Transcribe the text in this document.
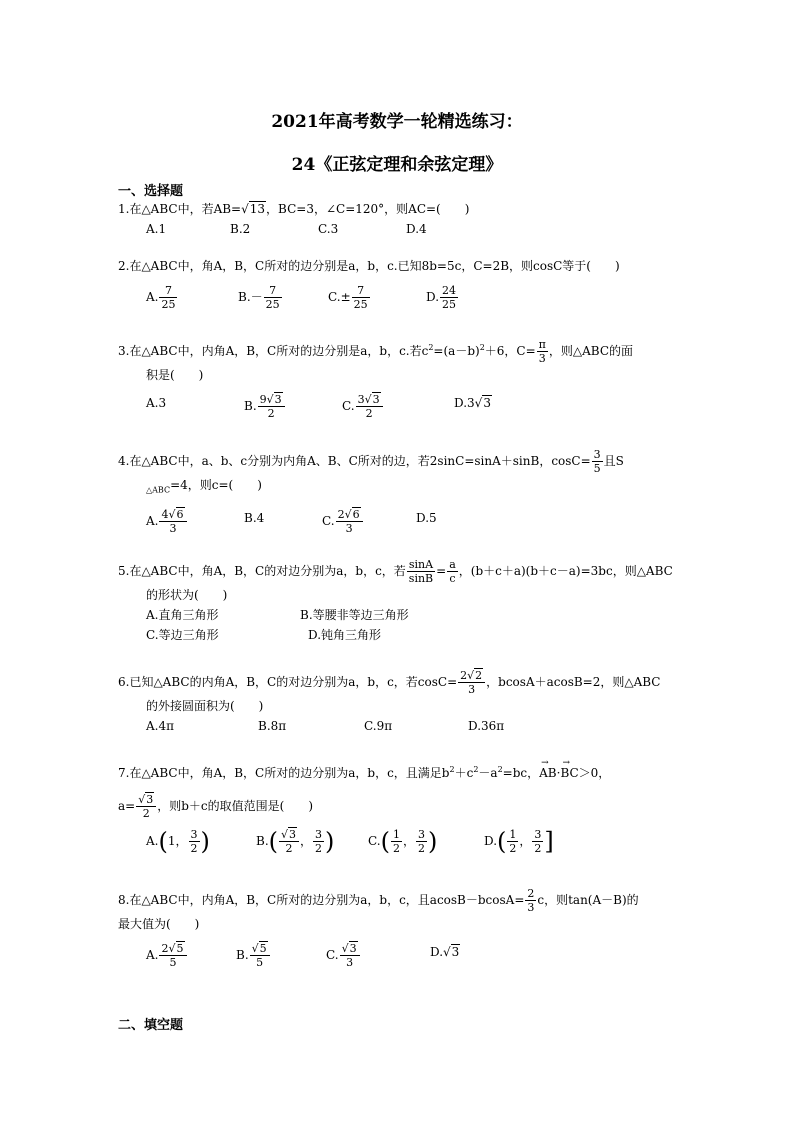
2021年高考数学一轮精选练习：
24《正弦定理和余弦定理》
一、选择题
1.在△ABC中，若AB=√13，BC=3，∠C=120°，则AC=(　　)
A.1	B.2	C.3	D.4
2.在△ABC中，角A，B，C所对的边分别是a，b，c.已知8b=5c，C=2B，则cosC等于(　　)
A. $\frac{7}{25}$	$B.- \frac{7}{25}$	$C.\pm \frac{7}{25}$	D. $\frac{24}{25}$
3.在△ABC中，内角A，B，C所对的边分别是a，b，c.若$c^2=(a-b)^2+6$，$C= \frac{\pi}{3}$ ，则△ABC的面
积是(　　)
A.3	B. $\frac{9√3}{2}$	C. $\frac{3√3}{2}$	D.3√3
4.在△ABC中，a、b、c分别为内角A、B、C所对的边，若2sinC=sinA＋sinB，$\cos C= \frac{3}{5}$ 且S
$_{\triangle ABC}$=4，则c=(　　)
A. $\frac{4√6}{3}$	B.4	C. $\frac{2√6}{3}$	D.5
5.在△ABC中，角A，B，C的对边分别为a，b，c，若 $\frac{\sin A}{\sin B} = \frac{a}{c}$ ，(b＋c＋a)(b＋c－a)=3bc，则△ABC
的形状为(　　)
A.直角三角形	B.等腰非等边三角形
C.等边三角形	D.钝角三角形
6.已知△ABC的内角A，B，C的对边分别为a，b，c，若$\cos C= \frac{2√2}{3}$ ，bcosA＋acosB=2，则△ABC
的外接圆面积为(　　)
A.4π	B.8π	C.9π	D.36π
7.在△ABC中，角A，B，C所对的边分别为a，b，c，且满足$b^2+c^2-a^2=bc$，→ AB·→ BC＞0，
$a= \frac{√3}{2}$ ，则b＋c的取值范围是(　　)
A.(1， $\frac{3}{2}$ )	$B.( \frac{√3}{2}$ ， $\frac{3}{2}$ )	$C.( \frac{1}{2}$ ， $\frac{3}{2}$ )	$D.( \frac{1}{2}$ ， $\frac{3}{2}$ ]
8.在△ABC中，内角A，B，C所对的边分别为a，b，c，且$acosB-bcosA= \frac{2}{3}$ c，则tan(A－B)的
最大值为(　　)
A. $\frac{2√5}{5}$	B. $\frac{√5}{5}$	C. $\frac{√3}{3}$	D.√3
二、填空题
